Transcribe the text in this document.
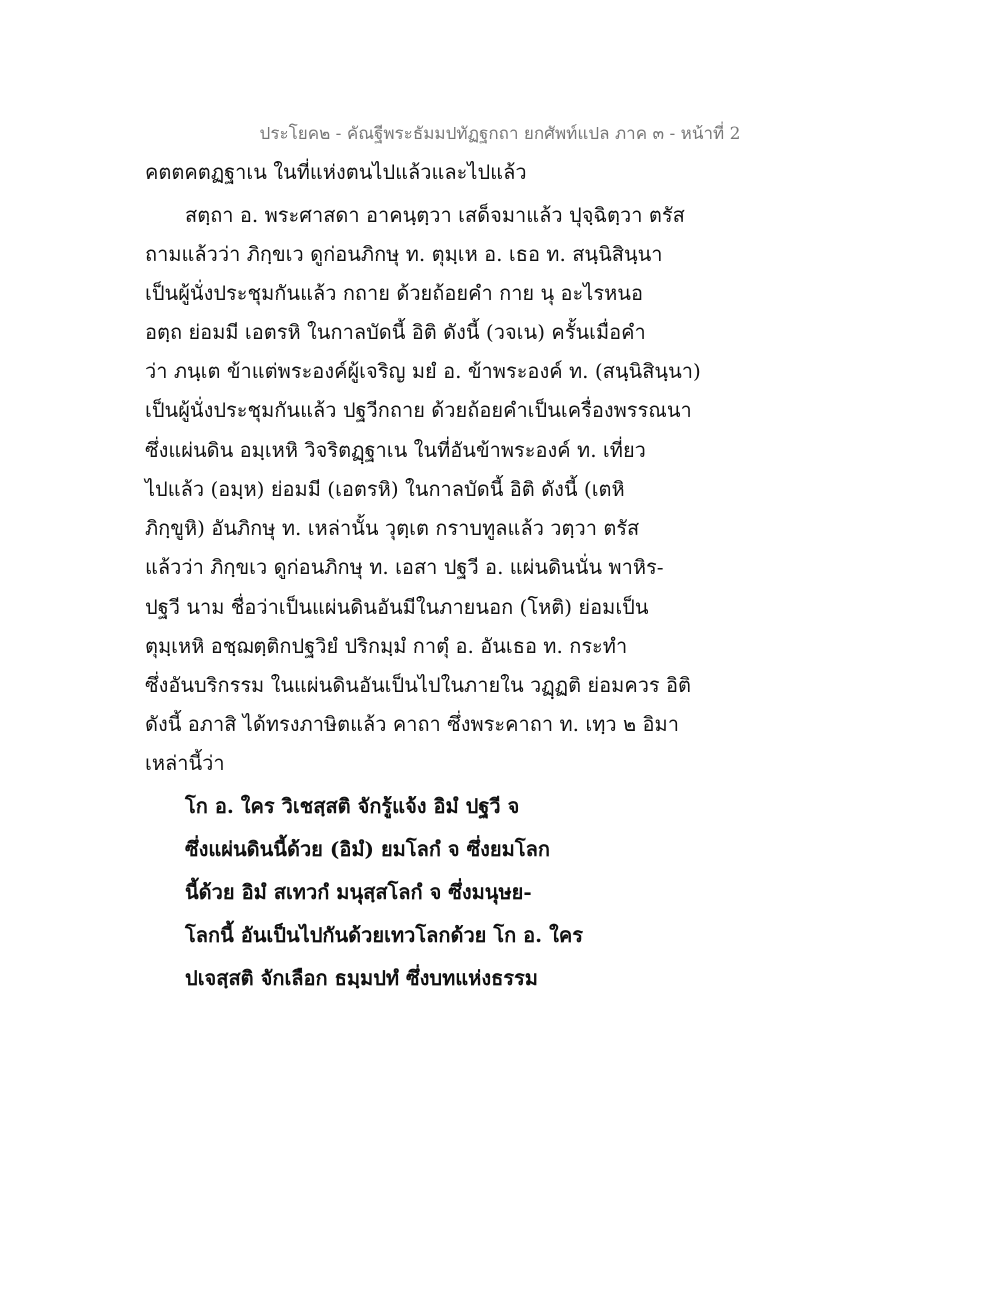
ประโยค๒ - คัณฐีพระธัมมปทัฏฐกถา ยกศัพท์แปล ภาค ๓ - หน้าที่ 2
คตตคตฏฐาเน ในที่แห่งตนไปแล้วและไปแล้ว
สตฺถา อ. พระศาสดา อาคนฺตฺวา เสด็จมาแล้ว ปุจฺฉิตฺวา ตรัส
ถามแล้วว่า ภิกฺขเว ดูก่อนภิกษุ ท. ตุมฺเห อ. เธอ ท. สนฺนิสินฺนา
เป็นผู้นั่งประชุมกันแล้ว กถาย ด้วยถ้อยคำ กาย นุ อะไรหนอ
อตฺถ ย่อมมี เอตรหิ ในกาลบัดนี้ อิติ ดังนี้ (วจเน) ครั้นเมื่อคำ
ว่า ภนฺเต ข้าแต่พระองค์ผู้เจริญ มยํ อ. ข้าพระองค์ ท. (สนฺนิสินฺนา)
เป็นผู้นั่งประชุมกันแล้ว ปฐวีกถาย ด้วยถ้อยคำเป็นเครื่องพรรณนา
ซึ่งแผ่นดิน อมฺเหหิ วิจริตฏฺฐาเน ในที่อันข้าพระองค์ ท. เที่ยว
ไปแล้ว (อมฺห) ย่อมมี (เอตรหิ) ในกาลบัดนี้ อิติ ดังนี้ (เตหิ
ภิกฺขูหิ) อันภิกษุ ท. เหล่านั้น วุตฺเต กราบทูลแล้ว วตฺวา ตรัส
แล้วว่า ภิกฺขเว ดูก่อนภิกษุ ท. เอสา ปฐวี อ. แผ่นดินนั่น พาหิร-
ปฐวี นาม ชื่อว่าเป็นแผ่นดินอันมีในภายนอก (โหติ) ย่อมเป็น
ตุมฺเหหิ อชฺฌตฺติกปฐวิยํ ปริกมฺมํ กาตุํ อ. อันเธอ ท. กระทำ
ซึ่งอันบริกรรม ในแผ่นดินอันเป็นไปในภายใน วฏฺฏติ ย่อมควร อิติ
ดังนี้ อภาสิ ได้ทรงภาษิตแล้ว คาถา ซึ่งพระคาถา ท. เทฺว ๒ อิมา
เหล่านี้ว่า
โก อ. ใคร วิเชสฺสติ จักรู้แจ้ง อิมํ ปฐวี จ
ซึ่งแผ่นดินนี้ด้วย (อิมํ) ยมโลกํ จ ซึ่งยมโลก
นี้ด้วย อิมํ สเทวกํ มนุสฺสโลกํ จ ซึ่งมนุษย-
โลกนี้ อันเป็นไปกันด้วยเทวโลกด้วย โก อ. ใคร
ปเจสฺสติ จักเลือก ธมฺมปทํ ซึ่งบทแห่งธรรม
